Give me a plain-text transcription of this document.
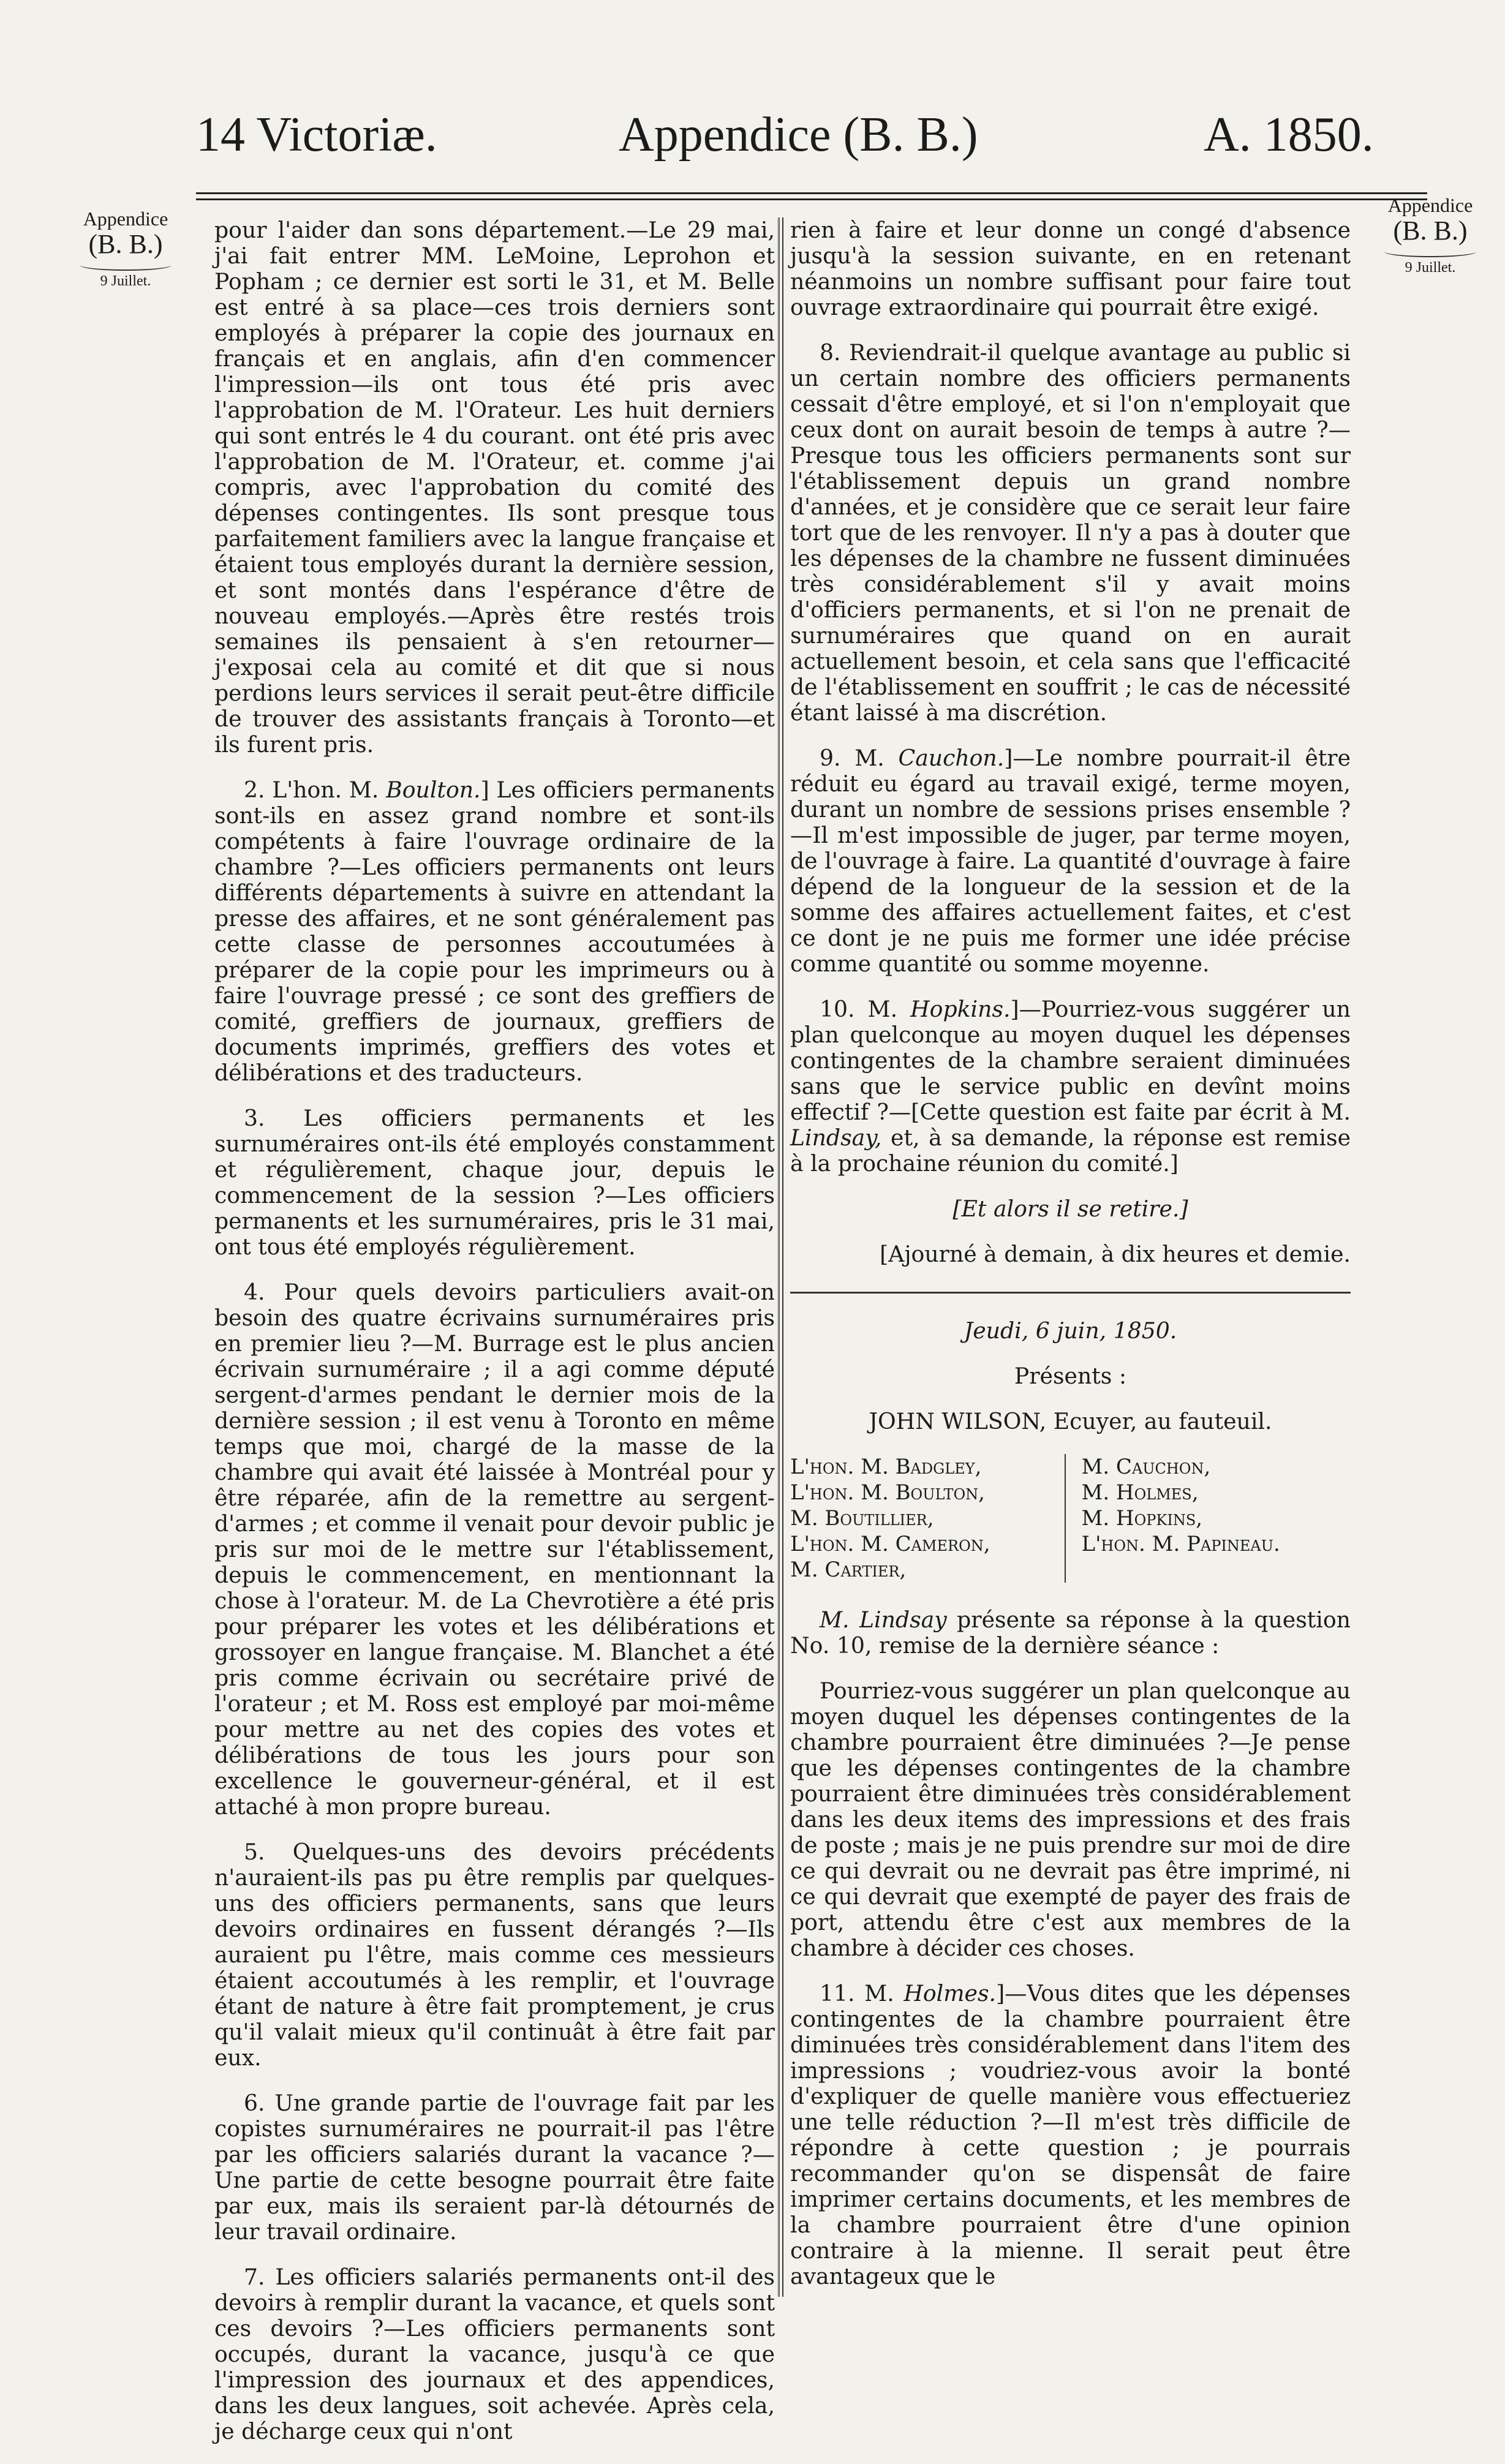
14 Victoriæ.	Appendice (B. B.)	A. 1850.
Appendice
(B. B.)
9 Juillet.
Appendice
(B. B.)
9 Juillet.

pour l'aider dan sons département.—Le 29 mai, j'ai fait entrer MM. LeMoine, Leprohon et Popham ; ce dernier est sorti le 31, et M. Belle est entré à sa place—ces trois derniers sont employés à préparer la copie des journaux en français et en anglais, afin d'en commencer l'impression—ils ont tous été pris avec l'approbation de M. l'Orateur. Les huit derniers qui sont entrés le 4 du courant. ont été pris avec l'approbation de M. l'Orateur, et. comme j'ai compris, avec l'approbation du comité des dépenses contingentes. Ils sont presque tous parfaitement familiers avec la langue française et étaient tous employés durant la dernière session, et sont montés dans l'espérance d'être de nouveau employés.—Après être restés trois semaines ils pensaient à s'en retourner—j'exposai cela au comité et dit que si nous perdions leurs services il serait peut-être difficile de trouver des assistants français à Toronto—et ils furent pris.

2. L'hon. M. Boulton.] Les officiers permanents sont-ils en assez grand nombre et sont-ils compétents à faire l'ouvrage ordinaire de la chambre ?—Les officiers permanents ont leurs différents départements à suivre en attendant la presse des affaires, et ne sont généralement pas cette classe de personnes accoutumées à préparer de la copie pour les imprimeurs ou à faire l'ouvrage pressé ; ce sont des greffiers de comité, greffiers de journaux, greffiers de documents imprimés, greffiers des votes et délibérations et des traducteurs.

3. Les officiers permanents et les surnuméraires ont-ils été employés constamment et régulièrement, chaque jour, depuis le commencement de la session ?—Les officiers permanents et les surnuméraires, pris le 31 mai, ont tous été employés régulièrement.

4. Pour quels devoirs particuliers avait-on besoin des quatre écrivains surnuméraires pris en premier lieu ?—M. Burrage est le plus ancien écrivain surnuméraire ; il a agi comme député sergent-d'armes pendant le dernier mois de la dernière session ; il est venu à Toronto en même temps que moi, chargé de la masse de la chambre qui avait été laissée à Montréal pour y être réparée, afin de la remettre au sergent-d'armes ; et comme il venait pour devoir public je pris sur moi de le mettre sur l'établissement, depuis le commencement, en mentionnant la chose à l'orateur. M. de La Chevrotière a été pris pour préparer les votes et les délibérations et grossoyer en langue française. M. Blanchet a été pris comme écrivain ou secrétaire privé de l'orateur ; et M. Ross est employé par moi-même pour mettre au net des copies des votes et délibérations de tous les jours pour son excellence le gouverneur-général, et il est attaché à mon propre bureau.

5. Quelques-uns des devoirs précédents n'auraient-ils pas pu être remplis par quelques-uns des officiers permanents, sans que leurs devoirs ordinaires en fussent dérangés ?—Ils auraient pu l'être, mais comme ces messieurs étaient accoutumés à les remplir, et l'ouvrage étant de nature à être fait promptement, je crus qu'il valait mieux qu'il continuât à être fait par eux.

6. Une grande partie de l'ouvrage fait par les copistes surnuméraires ne pourrait-il pas l'être par les officiers salariés durant la vacance ?—Une partie de cette besogne pourrait être faite par eux, mais ils seraient par-là détournés de leur travail ordinaire.

7. Les officiers salariés permanents ont-il des devoirs à remplir durant la vacance, et quels sont ces devoirs ?—Les officiers permanents sont occupés, durant la vacance, jusqu'à ce que l'impression des journaux et des appendices, dans les deux langues, soit achevée. Après cela, je décharge ceux qui n'ont

rien à faire et leur donne un congé d'absence jusqu'à la session suivante, en en retenant néanmoins un nombre suffisant pour faire tout ouvrage extraordinaire qui pourrait être exigé.

8. Reviendrait-il quelque avantage au public si un certain nombre des officiers permanents cessait d'être employé, et si l'on n'employait que ceux dont on aurait besoin de temps à autre ?—Presque tous les officiers permanents sont sur l'établissement depuis un grand nombre d'années, et je considère que ce serait leur faire tort que de les renvoyer. Il n'y a pas à douter que les dépenses de la chambre ne fussent diminuées très considérablement s'il y avait moins d'officiers permanents, et si l'on ne prenait de surnuméraires que quand on en aurait actuellement besoin, et cela sans que l'efficacité de l'établissement en souffrit ; le cas de nécessité étant laissé à ma discrétion.

9. M. Cauchon.]—Le nombre pourrait-il être réduit eu égard au travail exigé, terme moyen, durant un nombre de sessions prises ensemble ?—Il m'est impossible de juger, par terme moyen, de l'ouvrage à faire. La quantité d'ouvrage à faire dépend de la longueur de la session et de la somme des affaires actuellement faites, et c'est ce dont je ne puis me former une idée précise comme quantité ou somme moyenne.

10. M. Hopkins.]—Pourriez-vous suggérer un plan quelconque au moyen duquel les dépenses contingentes de la chambre seraient diminuées sans que le service public en devînt moins effectif ?—[Cette question est faite par écrit à M. Lindsay, et, à sa demande, la réponse est remise à la prochaine réunion du comité.]

[Et alors il se retire.]
[Ajourné à demain, à dix heures et demie.
Jeudi, 6 juin, 1850.
Présents :
JOHN WILSON, Ecuyer, au fauteuil.
L'hon. M. Badgley,
L'hon. M. Boulton,
M. Boutillier,
L'hon. M. Cameron,
M. Cartier,
M. Cauchon,
M. Holmes,
M. Hopkins,
L'hon. M. Papineau.

M. Lindsay présente sa réponse à la question No. 10, remise de la dernière séance :

Pourriez-vous suggérer un plan quelconque au moyen duquel les dépenses contingentes de la chambre pourraient être diminuées ?—Je pense que les dépenses contingentes de la chambre pourraient être diminuées très considérablement dans les deux items des impressions et des frais de poste ; mais je ne puis prendre sur moi de dire ce qui devrait ou ne devrait pas être imprimé, ni ce qui devrait que exempté de payer des frais de port, attendu être c'est aux membres de la chambre à décider ces choses.

11. M. Holmes.]—Vous dites que les dépenses contingentes de la chambre pourraient être diminuées très considérablement dans l'item des impressions ; voudriez-vous avoir la bonté d'expliquer de quelle manière vous effectueriez une telle réduction ?—Il m'est très difficile de répondre à cette question ; je pourrais recommander qu'on se dispensât de faire imprimer certains documents, et les membres de la chambre pourraient être d'une opinion contraire à la mienne. Il serait peut être avantageux que le
